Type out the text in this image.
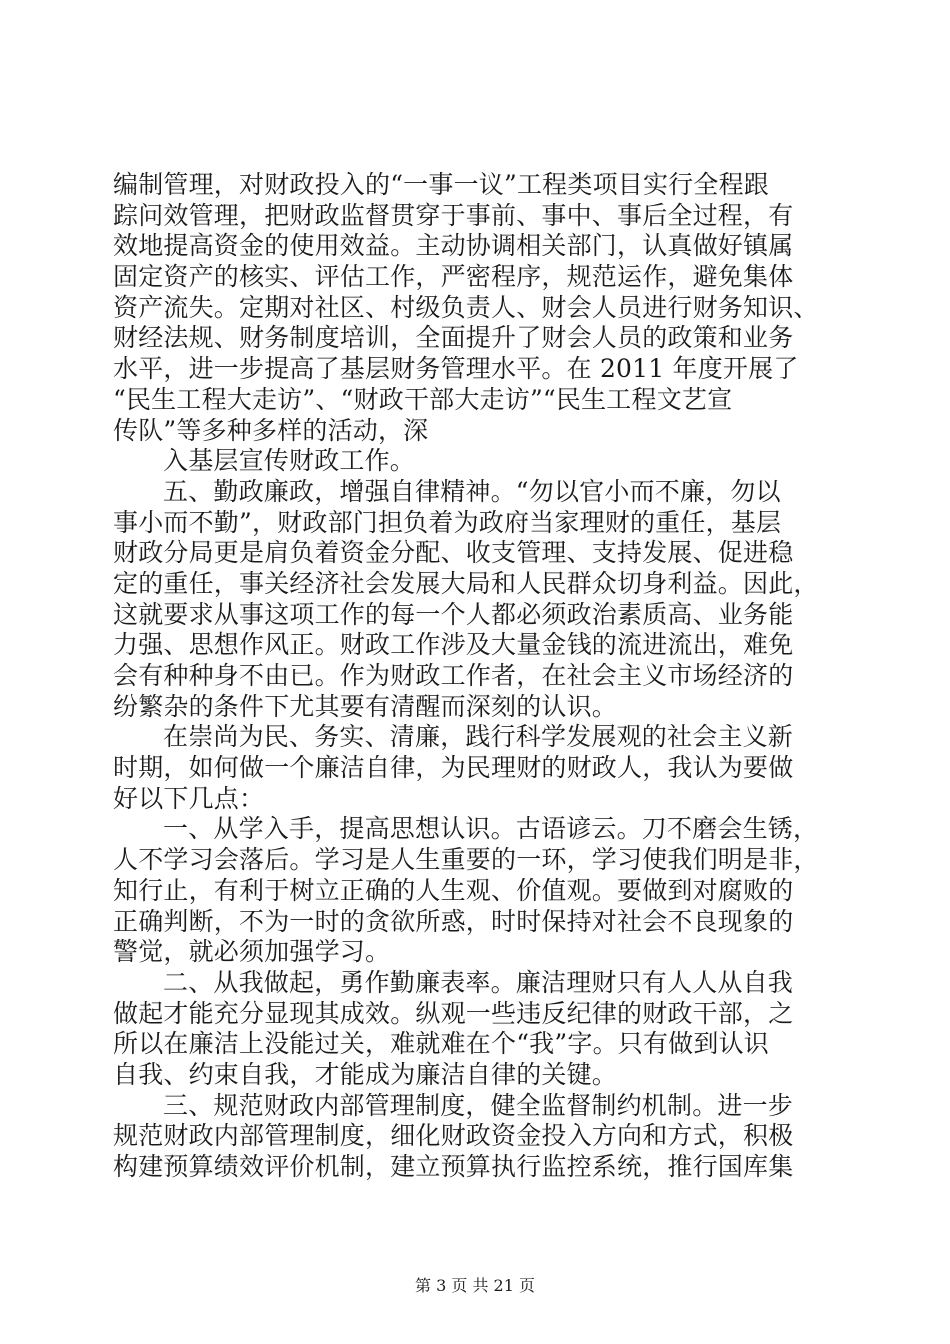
编制管理，对财政投入的“一事一议”工程类项目实行全程跟
踪问效管理，把财政监督贯穿于事前、事中、事后全过程，有
效地提高资金的使用效益。主动协调相关部门，认真做好镇属
固定资产的核实、评估工作，严密程序，规范运作，避免集体
资产流失。定期对社区、村级负责人、财会人员进行财务知识、
财经法规、财务制度培训，全面提升了财会人员的政策和业务
水平，进一步提高了基层财务管理水平。在 2011 年度开展了
“民生工程大走访”、“财政干部大走访”“民生工程文艺宣
传队”等多种多样的活动，深
入基层宣传财政工作。
五、勤政廉政，增强自律精神。“勿以官小而不廉，勿以
事小而不勤”，财政部门担负着为政府当家理财的重任，基层
财政分局更是肩负着资金分配、收支管理、支持发展、促进稳
定的重任，事关经济社会发展大局和人民群众切身利益。因此，
这就要求从事这项工作的每一个人都必须政治素质高、业务能
力强、思想作风正。财政工作涉及大量金钱的流进流出，难免
会有种种身不由已。作为财政工作者，在社会主义市场经济的
纷繁杂的条件下尤其要有清醒而深刻的认识。
在崇尚为民、务实、清廉，践行科学发展观的社会主义新
时期，如何做一个廉洁自律，为民理财的财政人，我认为要做
好以下几点：
一、从学入手，提高思想认识。古语谚云。刀不磨会生锈，
人不学习会落后。学习是人生重要的一环，学习使我们明是非，
知行止，有利于树立正确的人生观、价值观。要做到对腐败的
正确判断，不为一时的贪欲所惑，时时保持对社会不良现象的
警觉，就必须加强学习。
二、从我做起，勇作勤廉表率。廉洁理财只有人人从自我
做起才能充分显现其成效。纵观一些违反纪律的财政干部，之
所以在廉洁上没能过关，难就难在个“我”字。只有做到认识
自我、约束自我，才能成为廉洁自律的关键。
三、规范财政内部管理制度，健全监督制约机制。进一步
规范财政内部管理制度，细化财政资金投入方向和方式，积极
构建预算绩效评价机制，建立预算执行监控系统，推行国库集
第 3 页 共 21 页
